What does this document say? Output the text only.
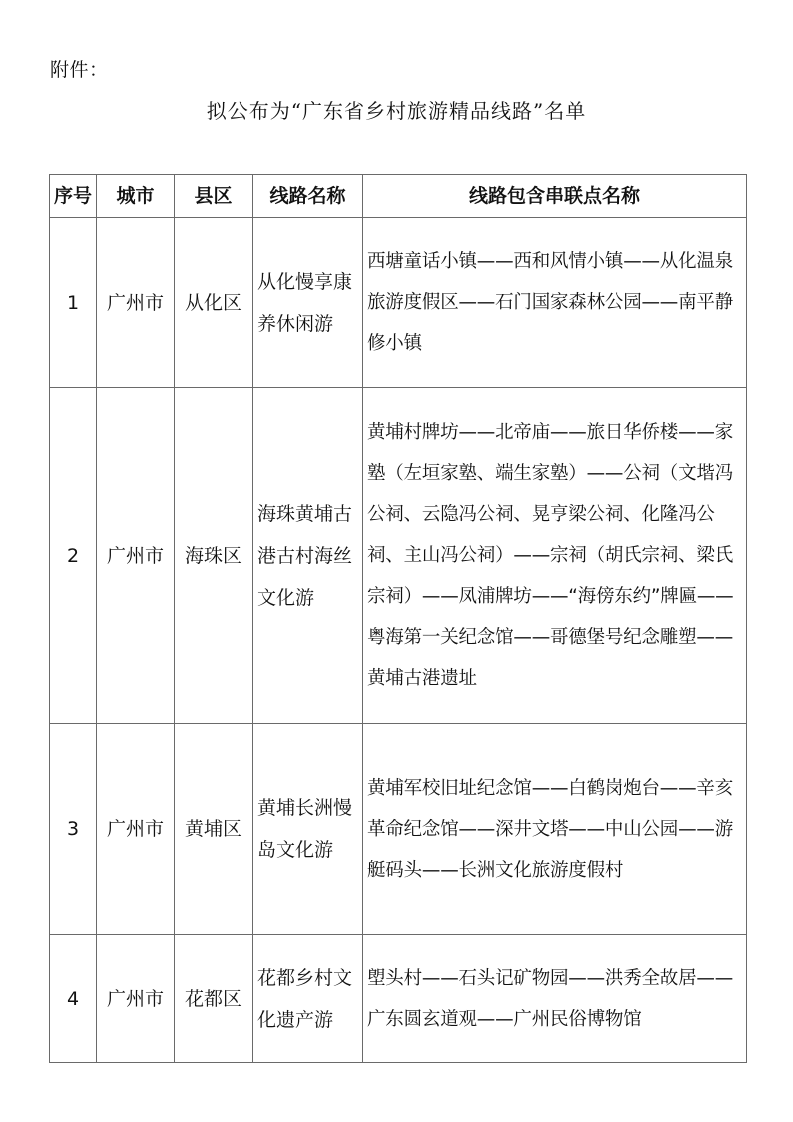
附件：
拟公布为“广东省乡村旅游精品线路”名单
序号	城市	县区	线路名称	线路包含串联点名称
1	广州市	从化区	从化慢享康养休闲游	西塘童话小镇——西和风情小镇——从化温泉旅游度假区——石门国家森林公园——南平静修小镇
2	广州市	海珠区	海珠黄埔古港古村海丝文化游	黄埔村牌坊——北帝庙——旅日华侨楼——家塾（左垣家塾、端生家塾）——公祠（文堦冯公祠、云隐冯公祠、晃亨梁公祠、化隆冯公祠、主山冯公祠）——宗祠（胡氏宗祠、梁氏宗祠）——凤浦牌坊——“海傍东约”牌匾——粤海第一关纪念馆——哥德堡号纪念雕塑——黄埔古港遗址
3	广州市	黄埔区	黄埔长洲慢岛文化游	黄埔军校旧址纪念馆——白鹤岗炮台——辛亥革命纪念馆——深井文塔——中山公园——游艇码头——长洲文化旅游度假村
4	广州市	花都区	花都乡村文化遗产游	塱头村——石头记矿物园——洪秀全故居——广东圆玄道观——广州民俗博物馆
